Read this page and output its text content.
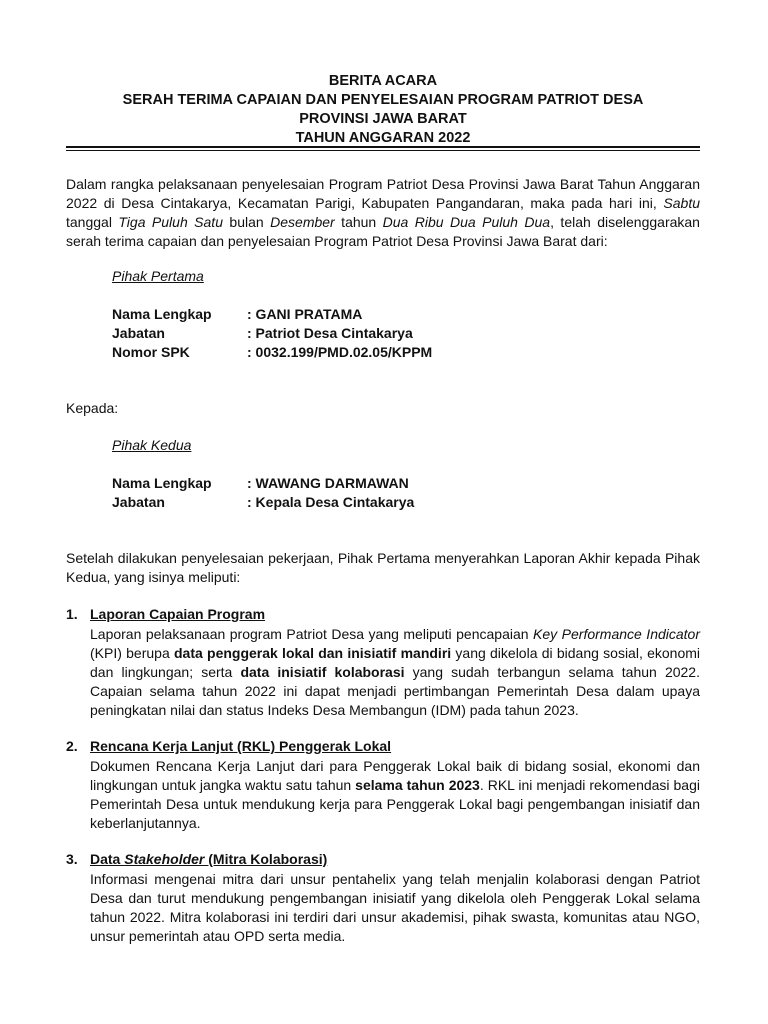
BERITA ACARA
SERAH TERIMA CAPAIAN DAN PENYELESAIAN PROGRAM PATRIOT DESA
PROVINSI JAWA BARAT
TAHUN ANGGARAN 2022
Dalam rangka pelaksanaan penyelesaian Program Patriot Desa Provinsi Jawa Barat Tahun Anggaran 2022 di Desa Cintakarya, Kecamatan Parigi, Kabupaten Pangandaran, maka pada hari ini, Sabtu tanggal Tiga Puluh Satu bulan Desember tahun Dua Ribu Dua Puluh Dua, telah diselenggarakan serah terima capaian dan penyelesaian Program Patriot Desa Provinsi Jawa Barat dari:
Pihak Pertama
Nama Lengkap	: GANI PRATAMA
Jabatan	: Patriot Desa Cintakarya
Nomor SPK	: 0032.199/PMD.02.05/KPPM
Kepada:
Pihak Kedua
Nama Lengkap	: WAWANG DARMAWAN
Jabatan	: Kepala Desa Cintakarya
Setelah dilakukan penyelesaian pekerjaan, Pihak Pertama menyerahkan Laporan Akhir kepada Pihak Kedua, yang isinya meliputi:
1. Laporan Capaian Program
Laporan pelaksanaan program Patriot Desa yang meliputi pencapaian Key Performance Indicator (KPI) berupa data penggerak lokal dan inisiatif mandiri yang dikelola di bidang sosial, ekonomi dan lingkungan; serta data inisiatif kolaborasi yang sudah terbangun selama tahun 2022. Capaian selama tahun 2022 ini dapat menjadi pertimbangan Pemerintah Desa dalam upaya peningkatan nilai dan status Indeks Desa Membangun (IDM) pada tahun 2023.
2. Rencana Kerja Lanjut (RKL) Penggerak Lokal
Dokumen Rencana Kerja Lanjut dari para Penggerak Lokal baik di bidang sosial, ekonomi dan lingkungan untuk jangka waktu satu tahun selama tahun 2023. RKL ini menjadi rekomendasi bagi Pemerintah Desa untuk mendukung kerja para Penggerak Lokal bagi pengembangan inisiatif dan keberlanjutannya.
3. Data Stakeholder (Mitra Kolaborasi)
Informasi mengenai mitra dari unsur pentahelix yang telah menjalin kolaborasi dengan Patriot Desa dan turut mendukung pengembangan inisiatif yang dikelola oleh Penggerak Lokal selama tahun 2022. Mitra kolaborasi ini terdiri dari unsur akademisi, pihak swasta, komunitas atau NGO, unsur pemerintah atau OPD serta media.
